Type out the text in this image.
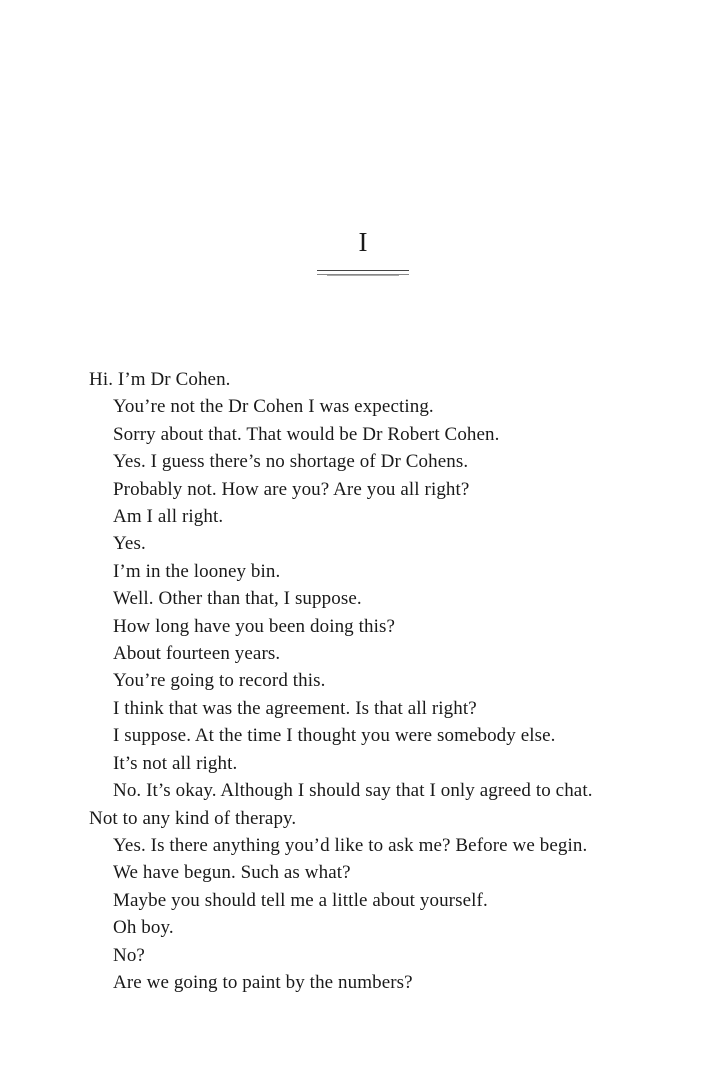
I
Hi. I’m Dr Cohen.
You’re not the Dr Cohen I was expecting.
Sorry about that. That would be Dr Robert Cohen.
Yes. I guess there’s no shortage of Dr Cohens.
Probably not. How are you? Are you all right?
Am I all right.
Yes.
I’m in the looney bin.
Well. Other than that, I suppose.
How long have you been doing this?
About fourteen years.
You’re going to record this.
I think that was the agreement. Is that all right?
I suppose. At the time I thought you were somebody else.
It’s not all right.
No. It’s okay. Although I should say that I only agreed to chat.
Not to any kind of therapy.
Yes. Is there anything you’d like to ask me? Before we begin.
We have begun. Such as what?
Maybe you should tell me a little about yourself.
Oh boy.
No?
Are we going to paint by the numbers?
